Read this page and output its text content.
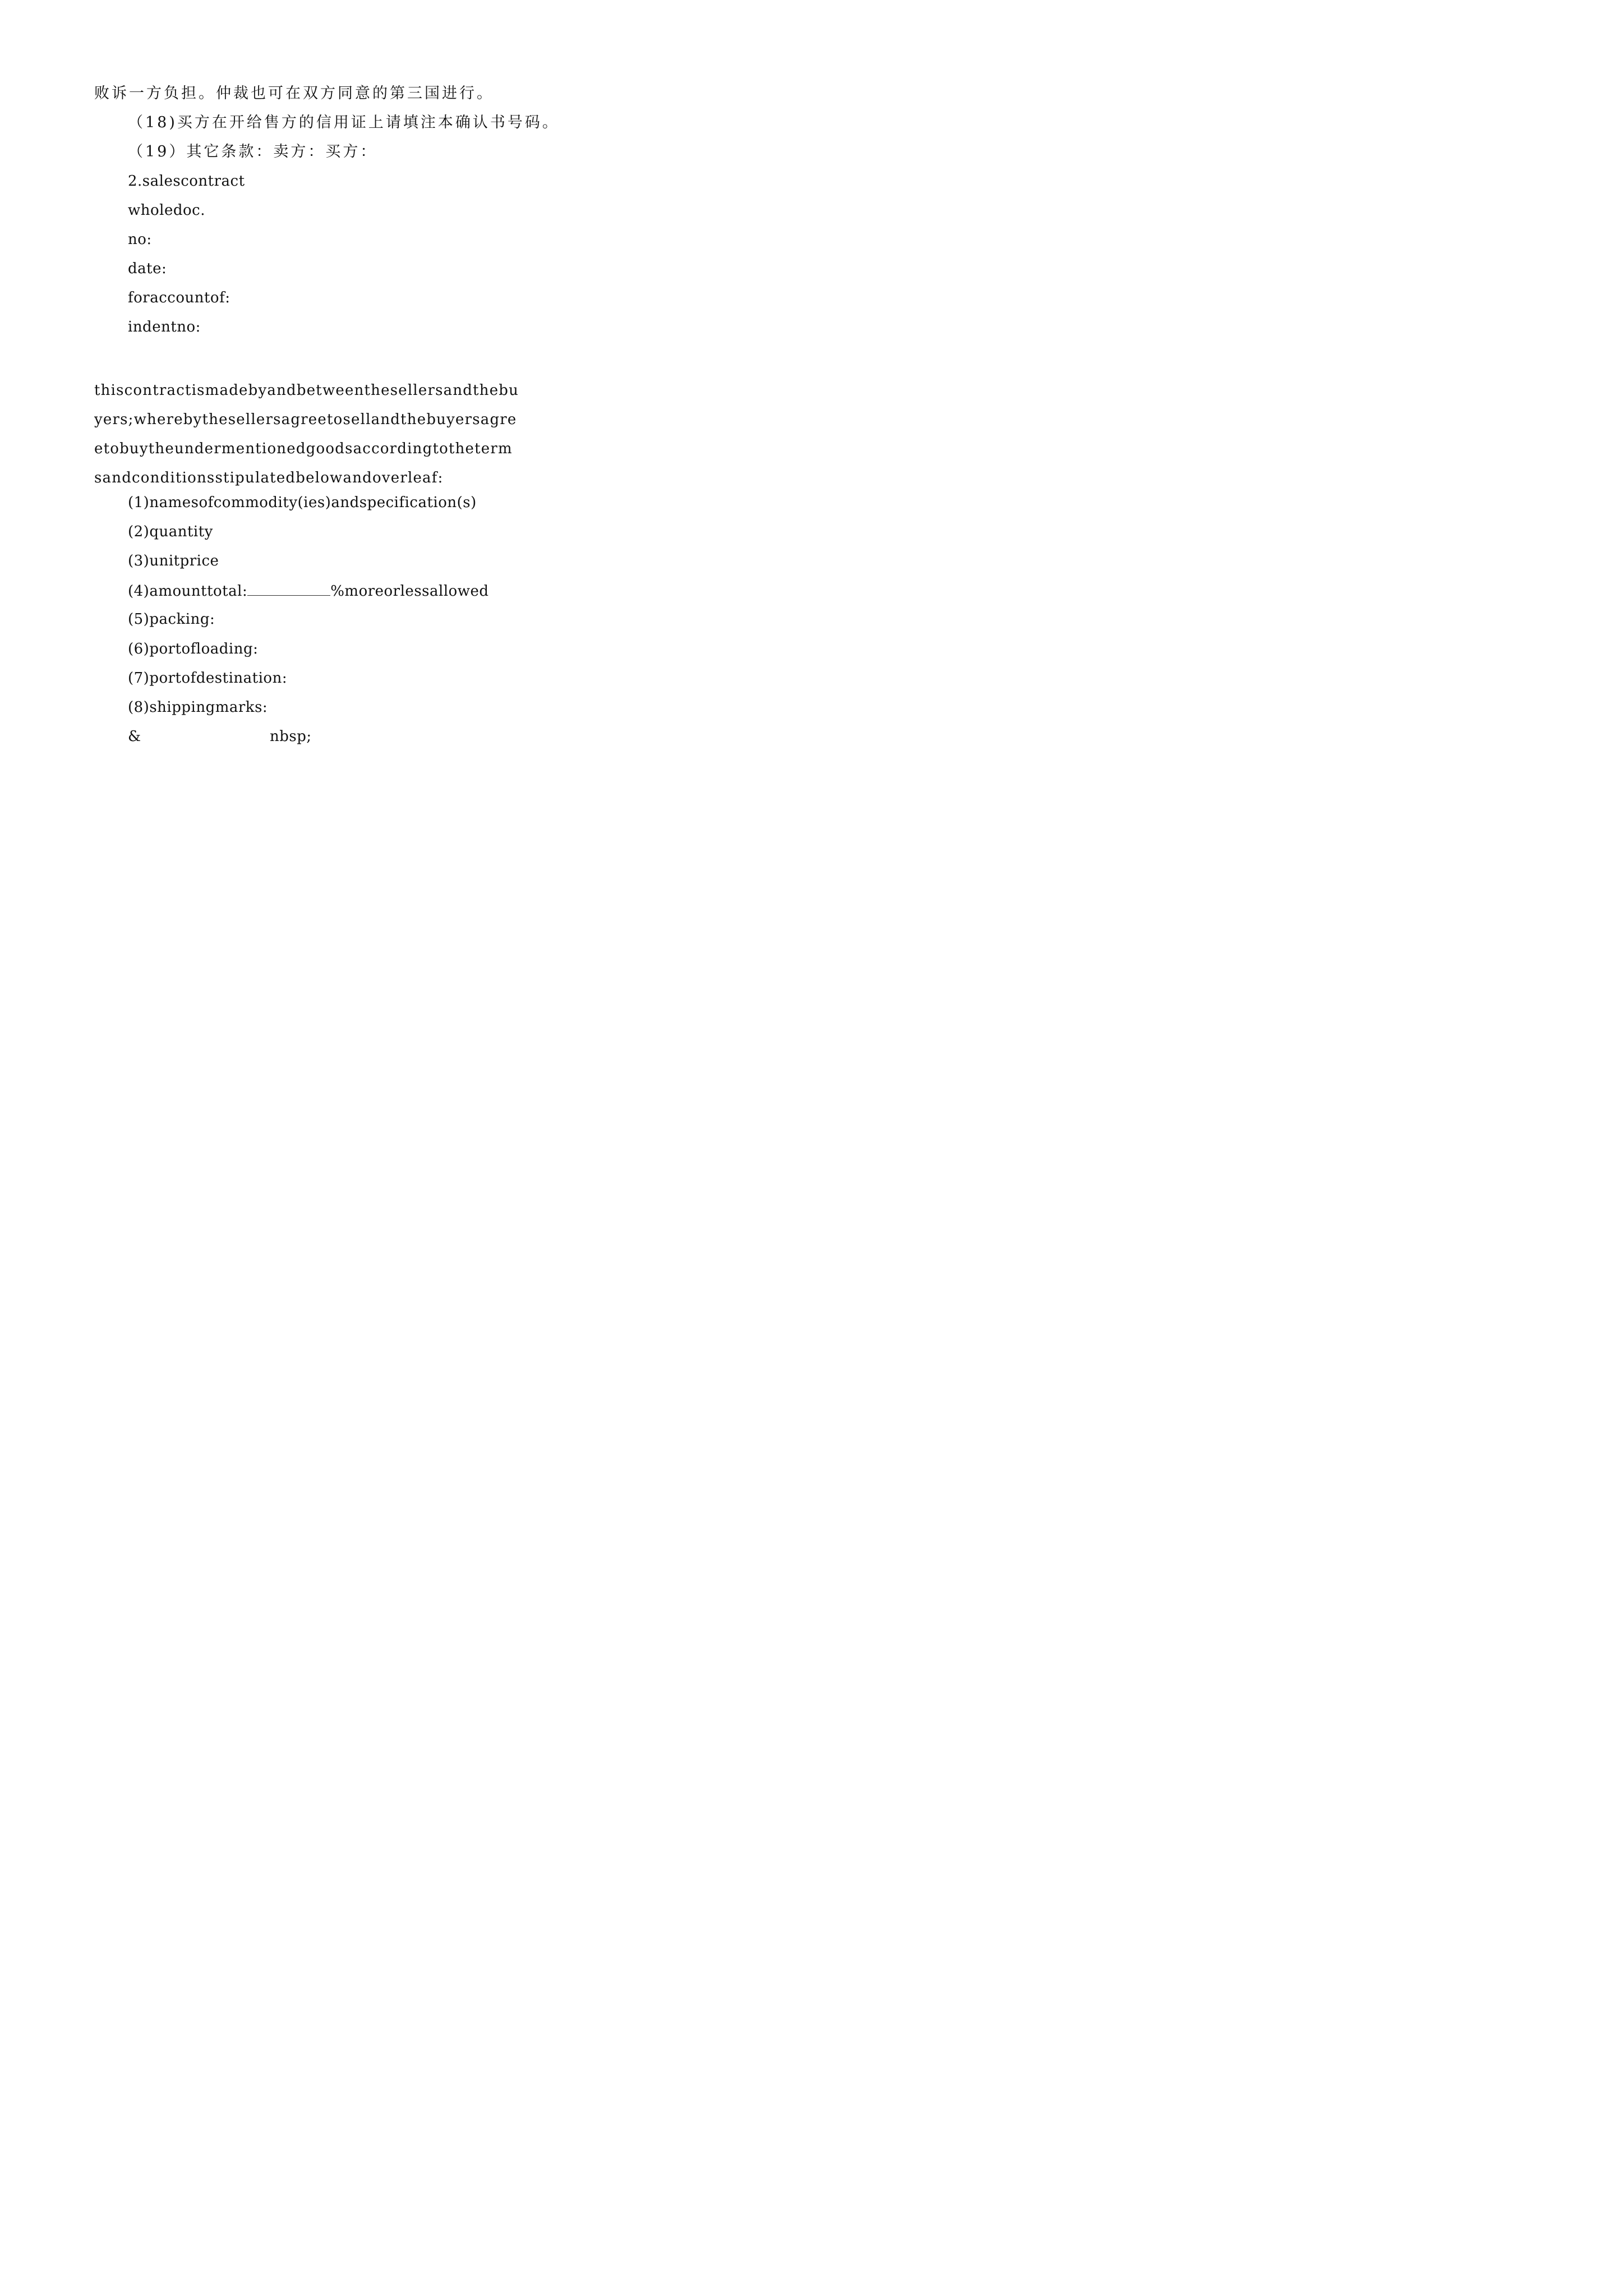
败诉一方负担。仲裁也可在双方同意的第三国进行。
（18)买方在开给售方的信用证上请填注本确认书号码。
（19）其它条款：卖方：买方：
2.salescontract
wholedoc.
no:
date:
foraccountof:
indentno:
thiscontractismadebyandbetweenthesellersandthebuyers;wherebythesellersagreetosellandthebuyersagreetobuytheundermentionedgoodsaccordingtothetermsandconditionsstipulatedbelowandoverleaf:
(1)namesofcommodity(ies)andspecification(s)
(2)quantity
(3)unitprice
(4)amounttotal:	%moreorlessallowed
(5)packing:
(6)portofloading:
(7)portofdestination:
(8)shippingmarks:
&	nbsp;
